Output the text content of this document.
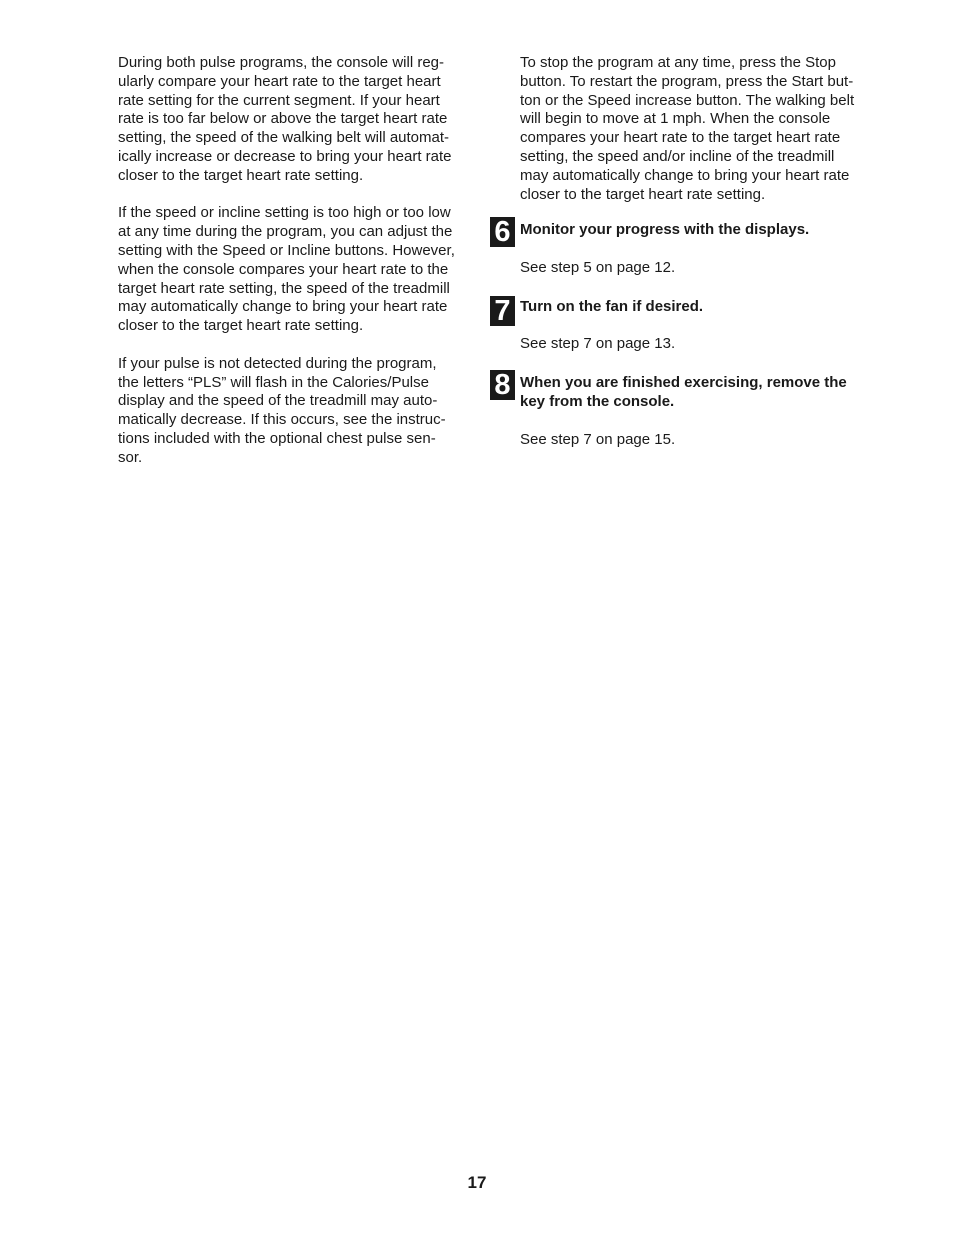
During both pulse programs, the console will reg-
ularly compare your heart rate to the target heart
rate setting for the current segment. If your heart
rate is too far below or above the target heart rate
setting, the speed of the walking belt will automat-
ically increase or decrease to bring your heart rate
closer to the target heart rate setting.

If the speed or incline setting is too high or too low
at any time during the program, you can adjust the
setting with the Speed or Incline buttons. However,
when the console compares your heart rate to the
target heart rate setting, the speed of the treadmill
may automatically change to bring your heart rate
closer to the target heart rate setting.

If your pulse is not detected during the program,
the letters “PLS” will flash in the Calories/Pulse
display and the speed of the treadmill may auto-
matically decrease. If this occurs, see the instruc-
tions included with the optional chest pulse sen-
sor.

To stop the program at any time, press the Stop
button. To restart the program, press the Start but-
ton or the Speed increase button. The walking belt
will begin to move at 1 mph. When the console
compares your heart rate to the target heart rate
setting, the speed and/or incline of the treadmill
may automatically change to bring your heart rate
closer to the target heart rate setting.

6 Monitor your progress with the displays.

See step 5 on page 12.

7 Turn on the fan if desired.

See step 7 on page 13.

8 When you are finished exercising, remove the
key from the console.

See step 7 on page 15.

17
